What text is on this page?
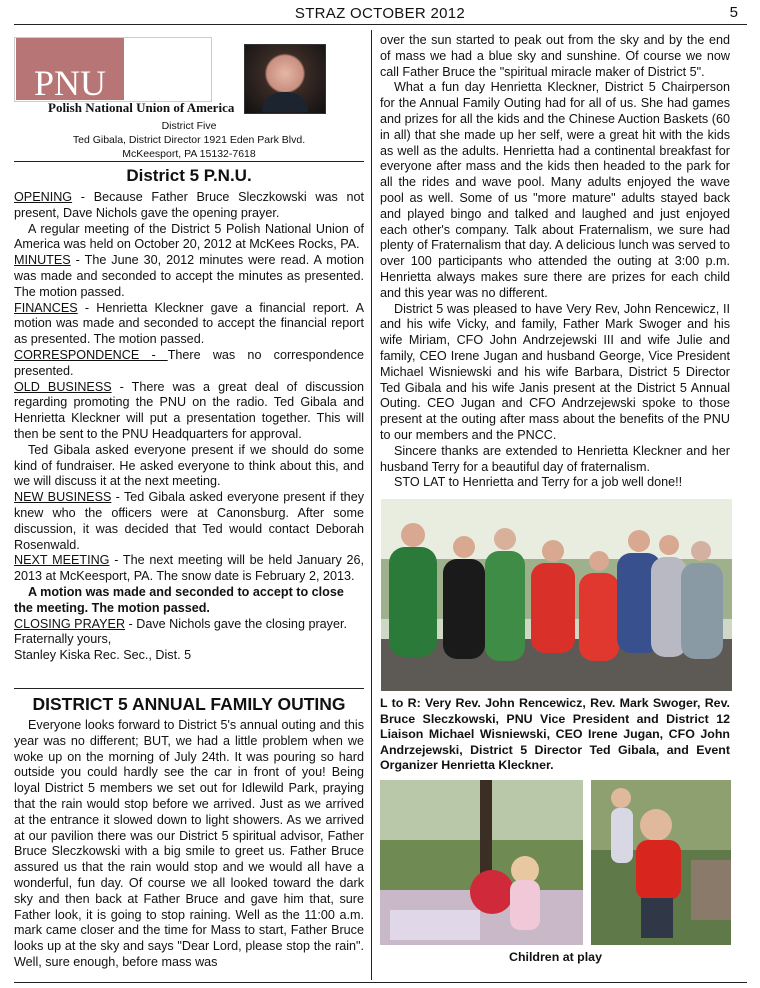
STRAZ OCTOBER 2012	5
PNU
Polish National Union of America
District Five
Ted Gibala, District Director 1921 Eden Park Blvd.
McKeesport, PA 15132-7618
District 5 P.N.U.

OPENING - Because Father Bruce Sleczkowski was not present, Dave Nichols gave the opening prayer.

A regular meeting of the District 5 Polish National Union of America was held on October 20, 2012 at McKees Rocks, PA.

MINUTES - The June 30, 2012 minutes were read. A motion was made and seconded to accept the minutes as presented. The motion passed.

FINANCES - Henrietta Kleckner gave a financial report. A motion was made and seconded to accept the financial report as presented. The motion passed.

CORRESPONDENCE - There was no correspondence presented.

OLD BUSINESS - There was a great deal of discussion regarding promoting the PNU on the radio. Ted Gibala and Henrietta Kleckner will put a presentation together. This will then be sent to the PNU Headquarters for approval.

Ted Gibala asked everyone present if we should do some kind of fundraiser. He asked everyone to think about this, and we will discuss it at the next meeting.

NEW BUSINESS - Ted Gibala asked everyone present if they knew who the officers were at Canonsburg. After some discussion, it was decided that Ted would contact Deborah Rosenwald.

NEXT MEETING - The next meeting will be held January 26, 2013 at McKeesport, PA. The snow date is February 2, 2013.

A motion was made and seconded to accept to close the meeting. The motion passed.

CLOSING PRAYER - Dave Nichols gave the closing prayer.

Fraternally yours,

Stanley Kiska Rec. Sec., Dist. 5

DISTRICT 5 ANNUAL FAMILY OUTING

Everyone looks forward to District 5's annual outing and this year was no different; BUT, we had a little problem when we woke up on the morning of July 24th. It was pouring so hard outside you could hardly see the car in front of you! Being loyal District 5 members we set out for Idlewild Park, praying that the rain would stop before we arrived. Just as we arrived at the entrance it slowed down to light showers. As we arrived at our pavilion there was our District 5 spiritual advisor, Father Bruce Sleczkowski with a big smile to greet us. Father Bruce assured us that the rain would stop and we would all have a wonderful, fun day. Of course we all looked toward the dark sky and then back at Father Bruce and gave him that, sure Father look, it is going to stop raining. Well as the 11:00 a.m. mark came closer and the time for Mass to start, Father Bruce looks up at the sky and says "Dear Lord, please stop the rain". Well, sure enough, before mass was

over the sun started to peak out from the sky and by the end of mass we had a blue sky and sunshine. Of course we now call Father Bruce the "spiritual miracle maker of District 5".

What a fun day Henrietta Kleckner, District 5 Chairperson for the Annual Family Outing had for all of us. She had games and prizes for all the kids and the Chinese Auction Baskets (60 in all) that she made up her self, were a great hit with the kids as well as the adults. Henrietta had a continental breakfast for everyone after mass and the kids then headed to the park for all the rides and wave pool. Many adults enjoyed the wave pool as well. Some of us "more mature" adults stayed back and played bingo and talked and laughed and just enjoyed each other's company. Talk about Fraternalism, we sure had plenty of Fraternalism that day. A delicious lunch was served to over 100 participants who attended the outing at 3:00 p.m. Henrietta always makes sure there are prizes for each child and this year was no different.

District 5 was pleased to have Very Rev, John Rencewicz, II and his wife Vicky, and family, Father Mark Swoger and his wife Miriam, CFO John Andrzejewski III and wife Julie and family, CEO Irene Jugan and husband George, Vice President Michael Wisniewski and his wife Barbara, District 5 Director Ted Gibala and his wife Janis present at the District 5 Annual Outing. CEO Jugan and CFO Andrzejewski spoke to those present at the outing after mass about the benefits of the PNU to our members and the PNCC.

Sincere thanks are extended to Henrietta Kleckner and her husband Terry for a beautiful day of fraternalism.

STO LAT to Henrietta and Terry for a job well done!!

L to R: Very Rev. John Rencewicz, Rev. Mark Swoger, Rev. Bruce Sleczkowski, PNU Vice President and District 12 Liaison Michael Wisniewski, CEO Irene Jugan, CFO John Andrzejewski, District 5 Director Ted Gibala, and Event Organizer Henrietta Kleckner.
Children at play
